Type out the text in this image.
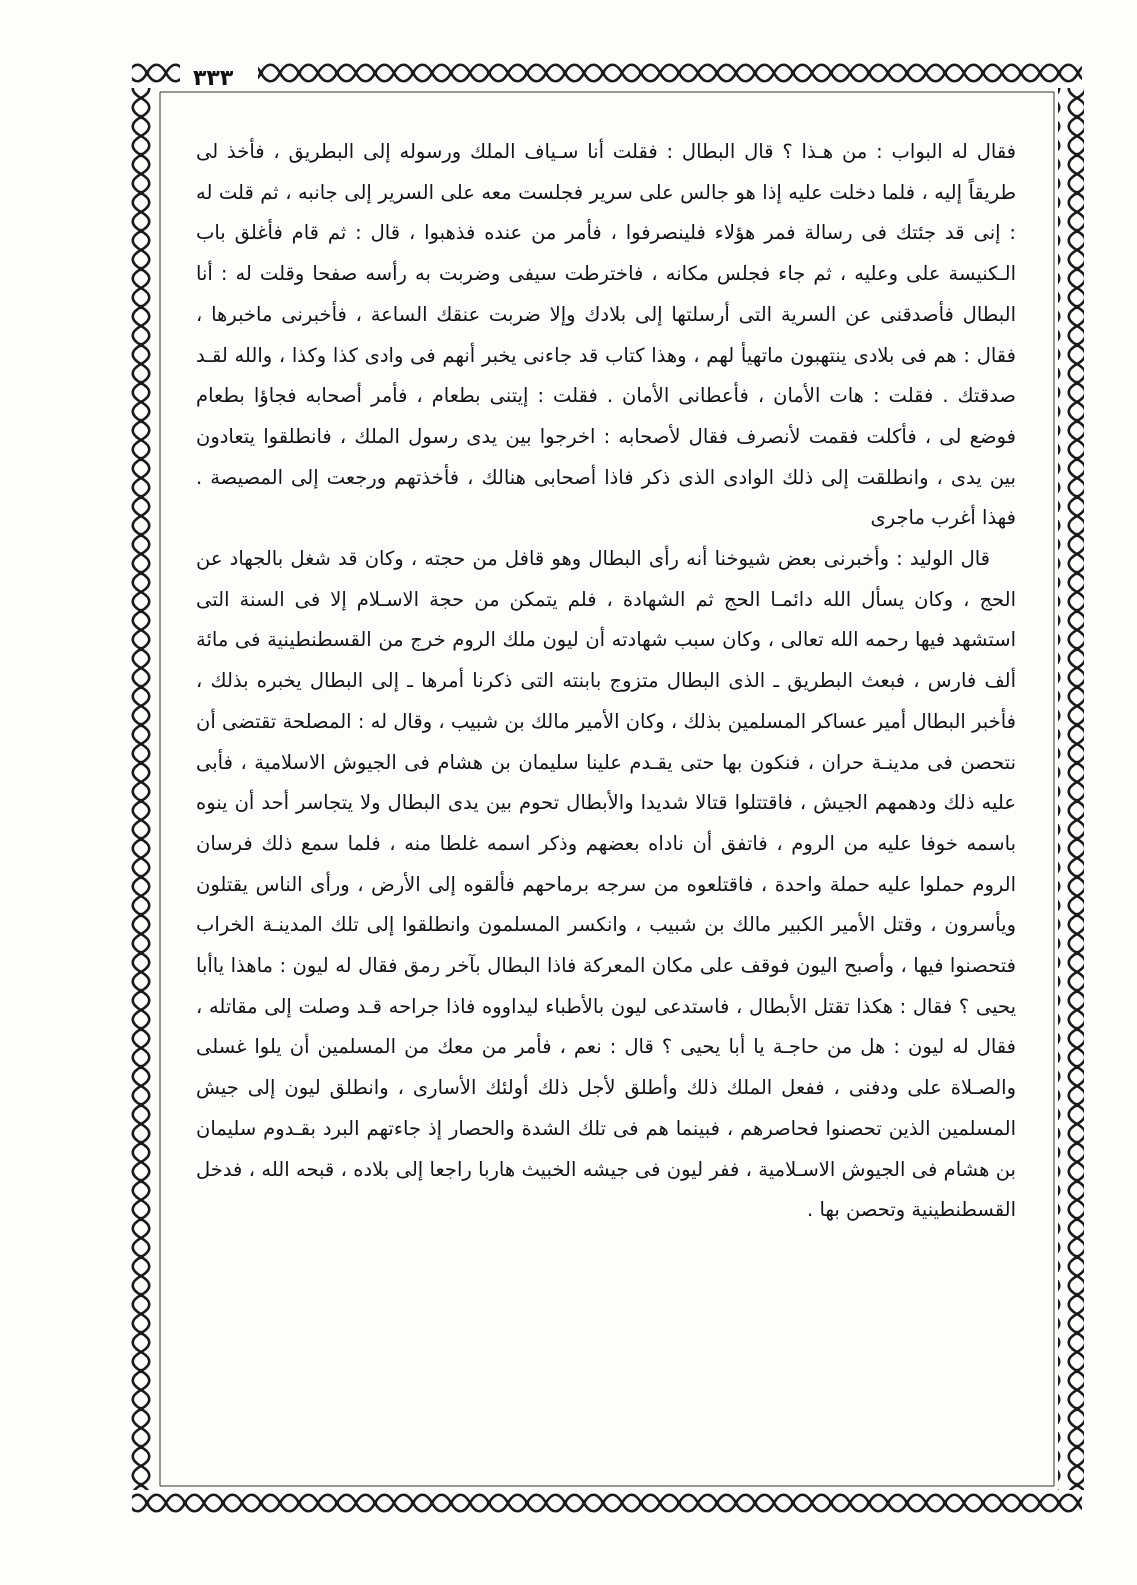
٣٣٣

فقال له البواب : من هـذا ؟ قال البطال : فقلت أنا سـياف الملك ورسوله إلى البطريق ، فأخذ لى طريقاً إليه ، فلما دخلت عليه إذا هو جالس على سرير فجلست معه على السرير إلى جانبه ، ثم قلت له : إنى قد جئتك فى رسالة فمر هؤلاء فلينصرفوا ، فأمر من عنده فذهبوا ، قال : ثم قام فأغلق باب الـكنيسة على وعليه ، ثم جاء فجلس مكانه ، فاخترطت سيفى وضربت به رأسه صفحا وقلت له : أنا البطال فأصدقنى عن السرية التى أرسلتها إلى بلادك وإلا ضربت عنقك الساعة ، فأخبرنى ماخبرها ، فقال : هم فى بلادى ينتهبون ماتهيأ لهم ، وهذا كتاب قد جاءنى يخبر أنهم فى وادى كذا وكذا ، والله لقـد صدقتك . فقلت : هات الأمان ، فأعطانى الأمان . فقلت : إيتنى بطعام ، فأمر أصحابه فجاؤا بطعام فوضع لى ، فأكلت فقمت لأنصرف فقال لأصحابه : اخرجوا بين يدى رسول الملك ، فانطلقوا يتعادون بين يدى ، وانطلقت إلى ذلك الوادى الذى ذكر فاذا أصحابى هنالك ، فأخذتهم ورجعت إلى المصيصة . فهذا أغرب ماجرى

قال الوليد : وأخبرنى بعض شيوخنا أنه رأى البطال وهو قافل من حجته ، وكان قد شغل بالجهاد عن الحج ، وكان يسأل الله دائمـا الحج ثم الشهادة ، فلم يتمكن من حجة الاسـلام إلا فى السنة التى استشهد فيها رحمه الله تعالى ، وكان سبب شهادته أن ليون ملك الروم خرج من القسطنطينية فى مائة ألف فارس ، فبعث البطريق ـ الذى البطال متزوج بابنته التى ذكرنا أمرها ـ إلى البطال يخبره بذلك ، فأخبر البطال أمير عساكر المسلمين بذلك ، وكان الأمير مالك بن شبيب ، وقال له : المصلحة تقتضى أن نتحصن فى مدينـة حران ، فنكون بها حتى يقـدم علينا سليمان بن هشام فى الجيوش الاسلامية ، فأبى عليه ذلك ودهمهم الجيش ، فاقتتلوا قتالا شديدا والأبطال تحوم بين يدى البطال ولا يتجاسر أحد أن ينوه باسمه خوفا عليه من الروم ، فاتفق أن ناداه بعضهم وذكر اسمه غلطا منه ، فلما سمع ذلك فرسان الروم حملوا عليه حملة واحدة ، فاقتلعوه من سرجه برماحهم فألقوه إلى الأرض ، ورأى الناس يقتلون ويأسرون ، وقتل الأمير الكبير مالك بن شبيب ، وانكسر المسلمون وانطلقوا إلى تلك المدينـة الخراب فتحصنوا فيها ، وأصبح اليون فوقف على مكان المعركة فاذا البطال بآخر رمق فقال له ليون : ماهذا ياأبا يحيى ؟ فقال : هكذا تقتل الأبطال ، فاستدعى ليون بالأطباء ليداووه فاذا جراحه قـد وصلت إلى مقاتله ، فقال له ليون : هل من حاجـة يا أبا يحيى ؟ قال : نعم ، فأمر من معك من المسلمين أن يلوا غسلى والصـلاة على ودفنى ، ففعل الملك ذلك وأطلق لأجل ذلك أولئك الأسارى ، وانطلق ليون إلى جيش المسلمين الذين تحصنوا فحاصرهم ، فبينما هم فى تلك الشدة والحصار إذ جاءتهم البرد بقـدوم سليمان بن هشام فى الجيوش الاسـلامية ، ففر ليون فى جيشه الخبيث هاربا راجعا إلى بلاده ، قبحه الله ، فدخل القسطنطينية وتحصن بها .
